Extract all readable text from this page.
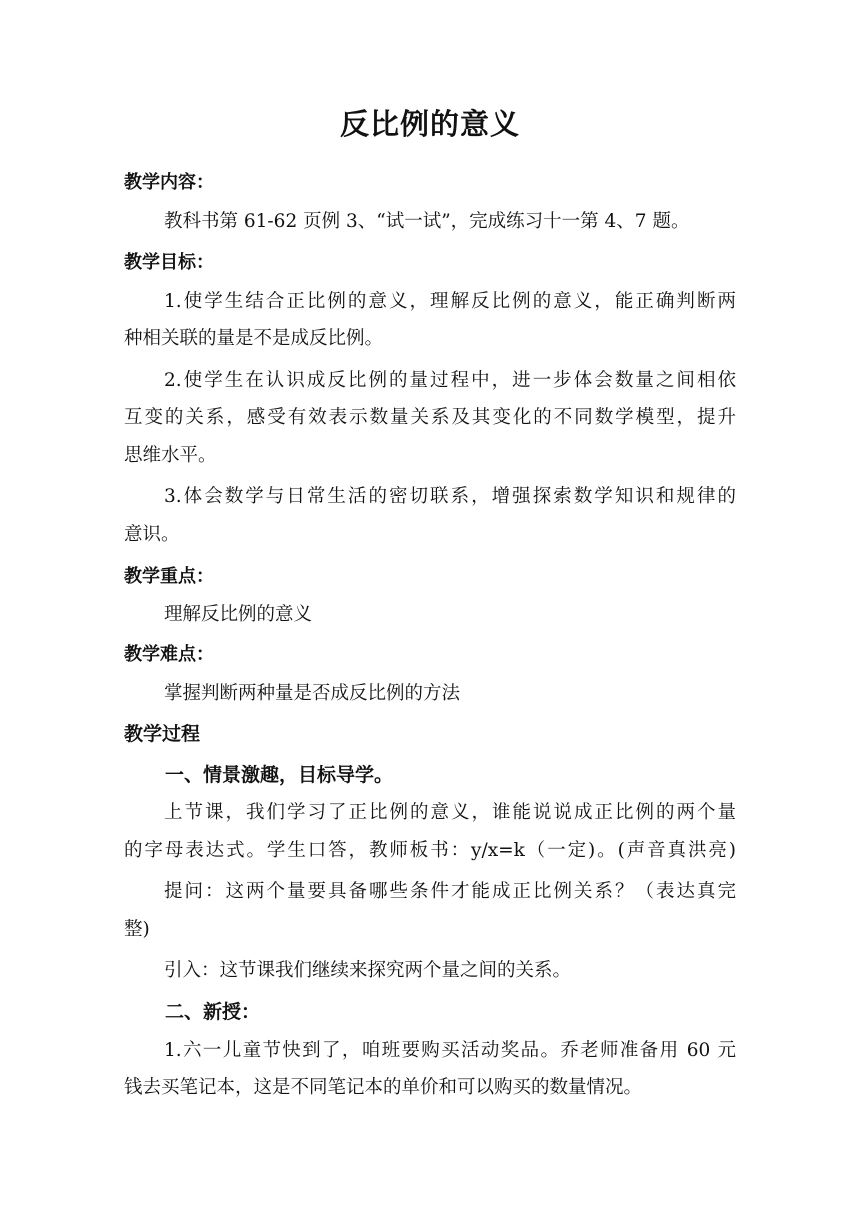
反比例的意义
教学内容：
教科书第 61-62 页例 3、“试一试”，完成练习十一第 4、7 题。
教学目标：
1.使学生结合正比例的意义，理解反比例的意义，能正确判断两
种相关联的量是不是成反比例。
2.使学生在认识成反比例的量过程中，进一步体会数量之间相依
互变的关系，感受有效表示数量关系及其变化的不同数学模型，提升
思维水平。
3.体会数学与日常生活的密切联系，增强探索数学知识和规律的
意识。
教学重点：
理解反比例的意义
教学难点：
掌握判断两种量是否成反比例的方法
教学过程
一、情景激趣，目标导学。
上节课，我们学习了正比例的意义，谁能说说成正比例的两个量
的字母表达式。学生口答，教师板书：y/x=k（一定)。(声音真洪亮)
提问：这两个量要具备哪些条件才能成正比例关系？（表达真完
整)
引入：这节课我们继续来探究两个量之间的关系。
二、新授：
1.六一儿童节快到了，咱班要购买活动奖品。乔老师准备用 60 元
钱去买笔记本，这是不同笔记本的单价和可以购买的数量情况。
